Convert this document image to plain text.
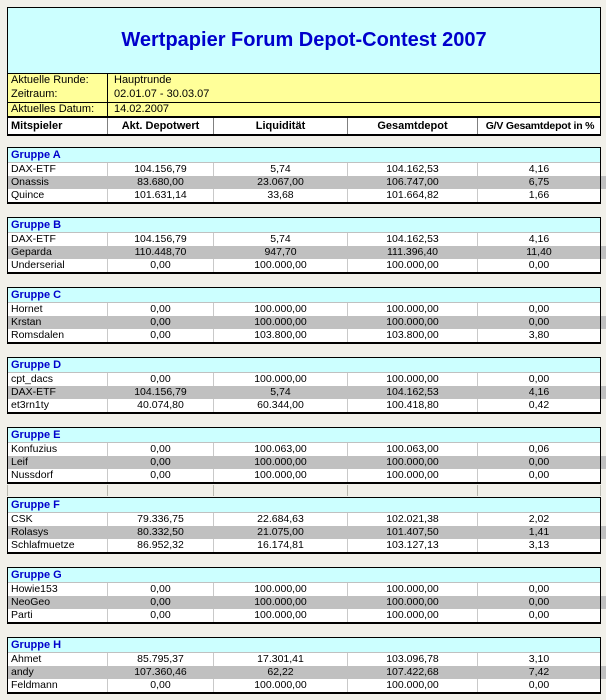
Wertpapier Forum Depot-Contest 2007
Aktuelle Runde:	Hauptrunde
Zeitraum:	02.01.07 - 30.03.07
Aktuelles Datum:	14.02.2007
Mitspieler	Akt. Depotwert	Liquidität	Gesamtdepot	G/V Gesamtdepot in %
Gruppe A
DAX-ETF	104.156,79	5,74	104.162,53	4,16
Onassis	83.680,00	23.067,00	106.747,00	6,75
Quince	101.631,14	33,68	101.664,82	1,66
Gruppe B
DAX-ETF	104.156,79	5,74	104.162,53	4,16
Geparda	110.448,70	947,70	111.396,40	11,40
Underserial	0,00	100.000,00	100.000,00	0,00
Gruppe C
Hornet	0,00	100.000,00	100.000,00	0,00
Krstan	0,00	100.000,00	100.000,00	0,00
Romsdalen	0,00	103.800,00	103.800,00	3,80
Gruppe D
cpt_dacs	0,00	100.000,00	100.000,00	0,00
DAX-ETF	104.156,79	5,74	104.162,53	4,16
et3rn1ty	40.074,80	60.344,00	100.418,80	0,42
Gruppe E
Konfuzius	0,00	100.063,00	100.063,00	0,06
Leif	0,00	100.000,00	100.000,00	0,00
Nussdorf	0,00	100.000,00	100.000,00	0,00
Gruppe F
CSK	79.336,75	22.684,63	102.021,38	2,02
Rolasys	80.332,50	21.075,00	101.407,50	1,41
Schlafmuetze	86.952,32	16.174,81	103.127,13	3,13
Gruppe G
Howie153	0,00	100.000,00	100.000,00	0,00
NeoGeo	0,00	100.000,00	100.000,00	0,00
Parti	0,00	100.000,00	100.000,00	0,00
Gruppe H
Ahmet	85.795,37	17.301,41	103.096,78	3,10
andy	107.360,46	62,22	107.422,68	7,42
Feldmann	0,00	100.000,00	100.000,00	0,00
